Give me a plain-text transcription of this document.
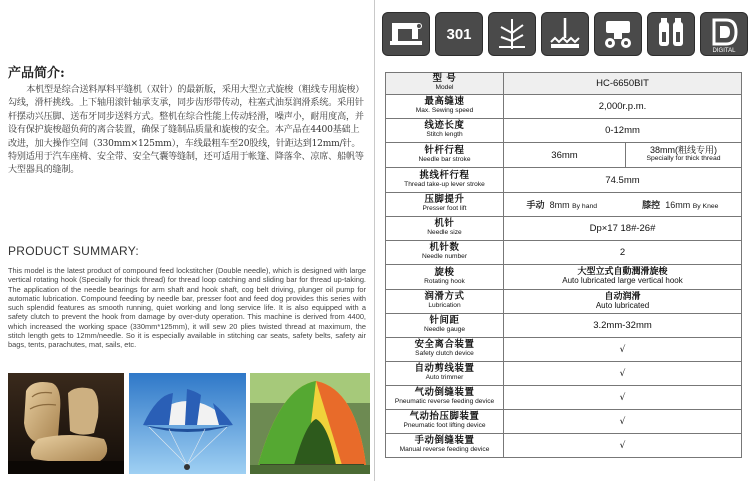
产品简介:
本机型是综合送料厚料平缝机（双针）的最新版，采用大型立式旋梭（粗线专用旋梭）勾线，滑杆挑线。上下轴用滚针轴承支承，同步齿形带传动，柱塞式油泵润滑系统。采用针杆摆动兴压脚、送布牙同步送料方式。整机在综合性能上传动轻滑，噪声小，耐用度高，并设有保护旋梭超负荷的离合装置，确保了缝制品质量和旋梭的安全。本产品在4400基础上改进，加大操作空间（330mm×125mm），车线最粗车至20股线，针距达到12mm/针。特别适用于汽车座椅、安全带、安全气囊等缝制，还可适用于帐篷、降落伞、凉席、船帆等大型器具的缝制。
PRODUCT SUMMARY:
This model is the latest product of compound feed lockstitcher (Double needle), which is designed with large vertical rotating hook (Specially for thick thread) for thread loop catching and sliding bar for thread up-taking. The application of the needle bearings for arm shaft and hook shaft, cog belt driving, plunger oil pump for automatic lubrication. Compound feeding by needle bar, presser foot and feed dog provides this series with such splendid features as smooth running, quiet working and long service life. It is also equipped with a safety clutch to prevent the hook from damage by over-duty operation. This machine is derived from 4400, which increased the working space (330mm*125mm), it will sew 20 plies twisted thread at maximum, the stitch length gets to 12mm/needle. So it is especially available in stitching car seats, safety belts, safety air bags, tents, parachutes, mat, sails, etc.
301
DIGITAL
型 号
Model	HC-6650BIT	

最高缝速
Max. Sewing speed	2,000r.p.m.	

线迹长度
Stitch length	0-12mm	

针杆行程
Needle bar stroke	36mm	38mm(粗线专用)
Specially for thick thread

挑线杆行程
Thread take-up lever stroke	74.5mm	

压脚提升
Presser foot lift	手动 8mm By hand 膝控 16mm By Knee	

机针
Needle size	Dp×17 18#-26#	

机针数
Needle number	2	

旋梭
Rotating hook	大型立式自動潤滑旋梭
Auto lubricated large vertical hook	

润滑方式
Lubrication	自动润滑
Auto lubricated	

针间距
Needle gauge	3.2mm-32mm	

安全离合装置
Safety clutch device	√	

自动剪线装置
Auto trimmer	√	

气动倒缝装置
Pneumatic reverse feeding device	√	

气动抬压脚装置
Pneumatic foot lifting device	√	

手动倒缝装置
Manual reverse feeding device	√	
